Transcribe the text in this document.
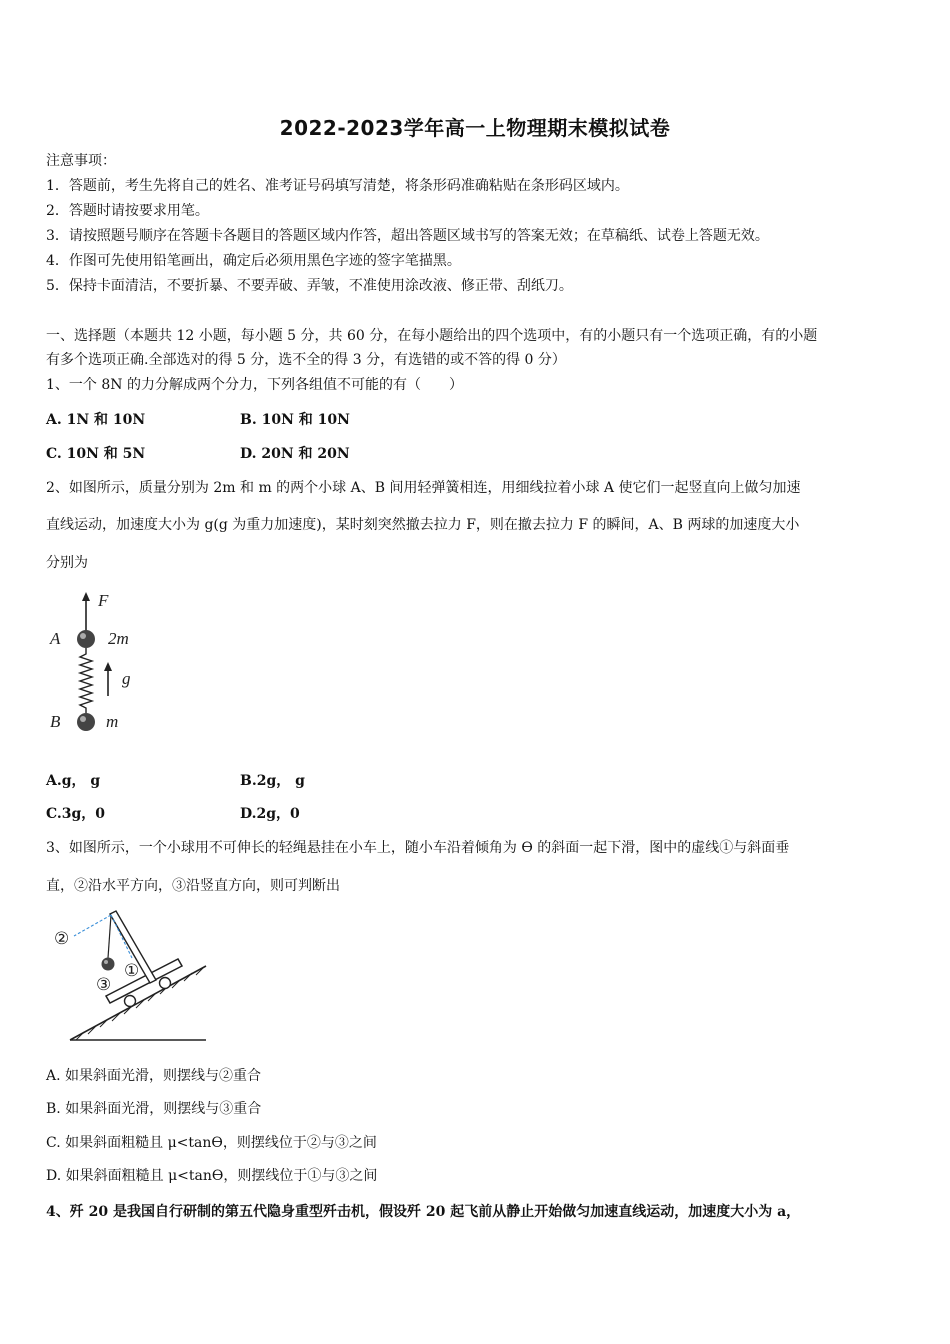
2022-2023学年高一上物理期末模拟试卷
注意事项：
1．答题前，考生先将自己的姓名、准考证号码填写清楚，将条形码准确粘贴在条形码区域内。
2．答题时请按要求用笔。
3．请按照题号顺序在答题卡各题目的答题区域内作答，超出答题区域书写的答案无效；在草稿纸、试卷上答题无效。
4．作图可先使用铅笔画出，确定后必须用黑色字迹的签字笔描黑。
5．保持卡面清洁，不要折暴、不要弄破、弄皱，不准使用涂改液、修正带、刮纸刀。
一、选择题（本题共 12 小题，每小题 5 分，共 60 分，在每小题给出的四个选项中，有的小题只有一个选项正确，有的小题
有多个选项正确.全部选对的得 5 分，选不全的得 3 分，有选错的或不答的得 0 分）
1、一个 8N 的力分解成两个分力，下列各组值不可能的有（　　）
A. 1N 和 10N	B. 10N 和 10N
C. 10N 和 5N	D. 20N 和 20N
2、如图所示，质量分别为 2m 和 m 的两个小球 A、B 间用轻弹簧相连，用细线拉着小球 A 使它们一起竖直向上做匀加速
直线运动，加速度大小为 g(g 为重力加速度)，某时刻突然撤去拉力 F，则在撤去拉力 F 的瞬间，A、B 两球的加速度大小
分别为
F
A	2m
g
B	m
A.g， g	B.2g， g
C.3g，0	D.2g，0
3、如图所示，一个小球用不可伸长的轻绳悬挂在小车上，随小车沿着倾角为 ϴ 的斜面一起下滑，图中的虚线①与斜面垂
直，②沿水平方向，③沿竖直方向，则可判断出
②
①
③
A. 如果斜面光滑，则摆线与②重合
B. 如果斜面光滑，则摆线与③重合
C. 如果斜面粗糙且 μ<tanϴ，则摆线位于②与③之间
D. 如果斜面粗糙且 μ<tanϴ，则摆线位于①与③之间
4、歼 20 是我国自行研制的第五代隐身重型歼击机，假设歼 20 起飞前从静止开始做匀加速直线运动，加速度大小为 a，
